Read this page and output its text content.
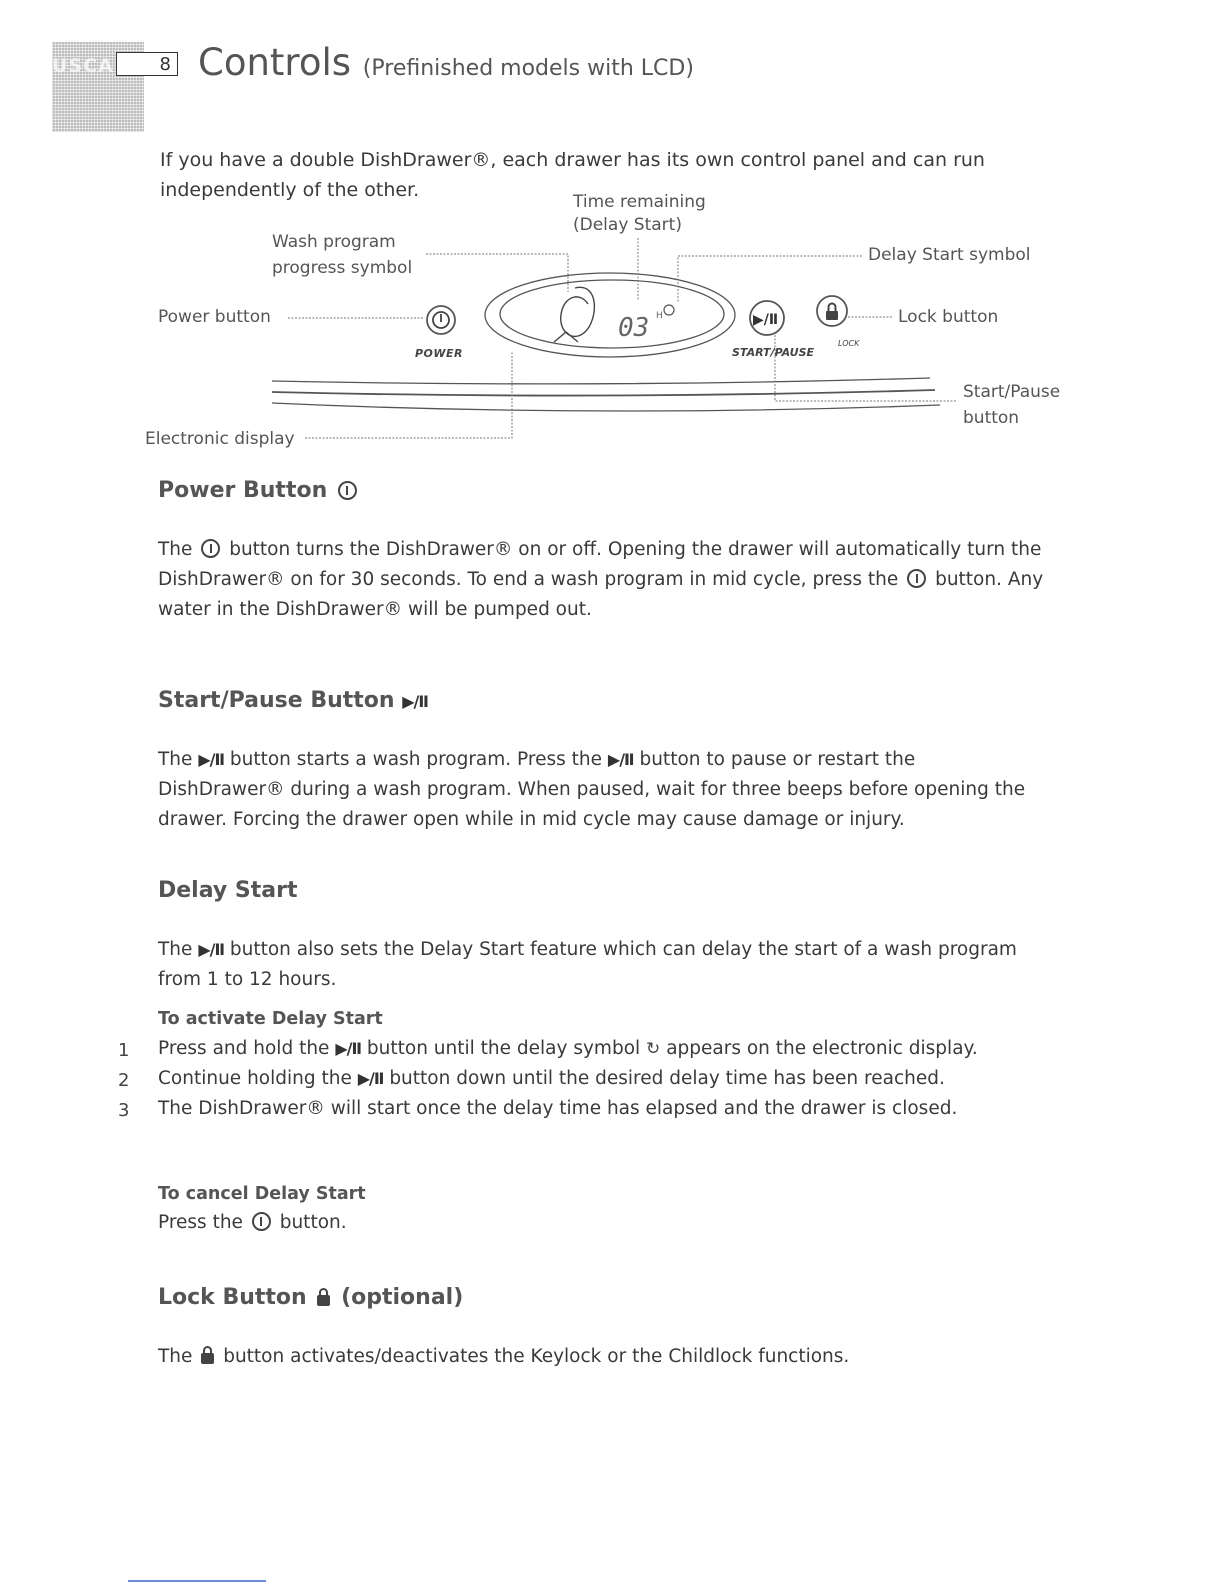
USCA	8 Controls (Prefinished models with LCD)
If you have a double DishDrawer®, each drawer has its own control panel and can run independently of the other.
03 H	▶/Ⅱ
POWER	START/PAUSE
LOCK
Time remaining
(Delay Start)
Wash program
progress symbol
Delay Start symbol
Power button	Lock button
Start/Pause
button
Electronic display
Power Button
The button turns the DishDrawer® on or off. Opening the drawer will automatically turn the
DishDrawer® on for 30 seconds. To end a wash program in mid cycle, press the button. Any
water in the DishDrawer® will be pumped out.
Start/Pause Button ▶/Ⅱ
The ▶/Ⅱ button starts a wash program. Press the ▶/Ⅱ button to pause or restart the
DishDrawer® during a wash program. When paused, wait for three beeps before opening the
drawer. Forcing the drawer open while in mid cycle may cause damage or injury.
Delay Start
The ▶/Ⅱ button also sets the Delay Start feature which can delay the start of a wash program
from 1 to 12 hours.
To activate Delay Start
1 Press and hold the ▶/Ⅱ button until the delay symbol ↻ appears on the electronic display.
2 Continue holding the ▶/Ⅱ button down until the desired delay time has been reached.
3 The DishDrawer® will start once the delay time has elapsed and the drawer is closed.
To cancel Delay Start
Press the button.
Lock Button (optional)
The button activates/deactivates the Keylock or the Childlock functions.
